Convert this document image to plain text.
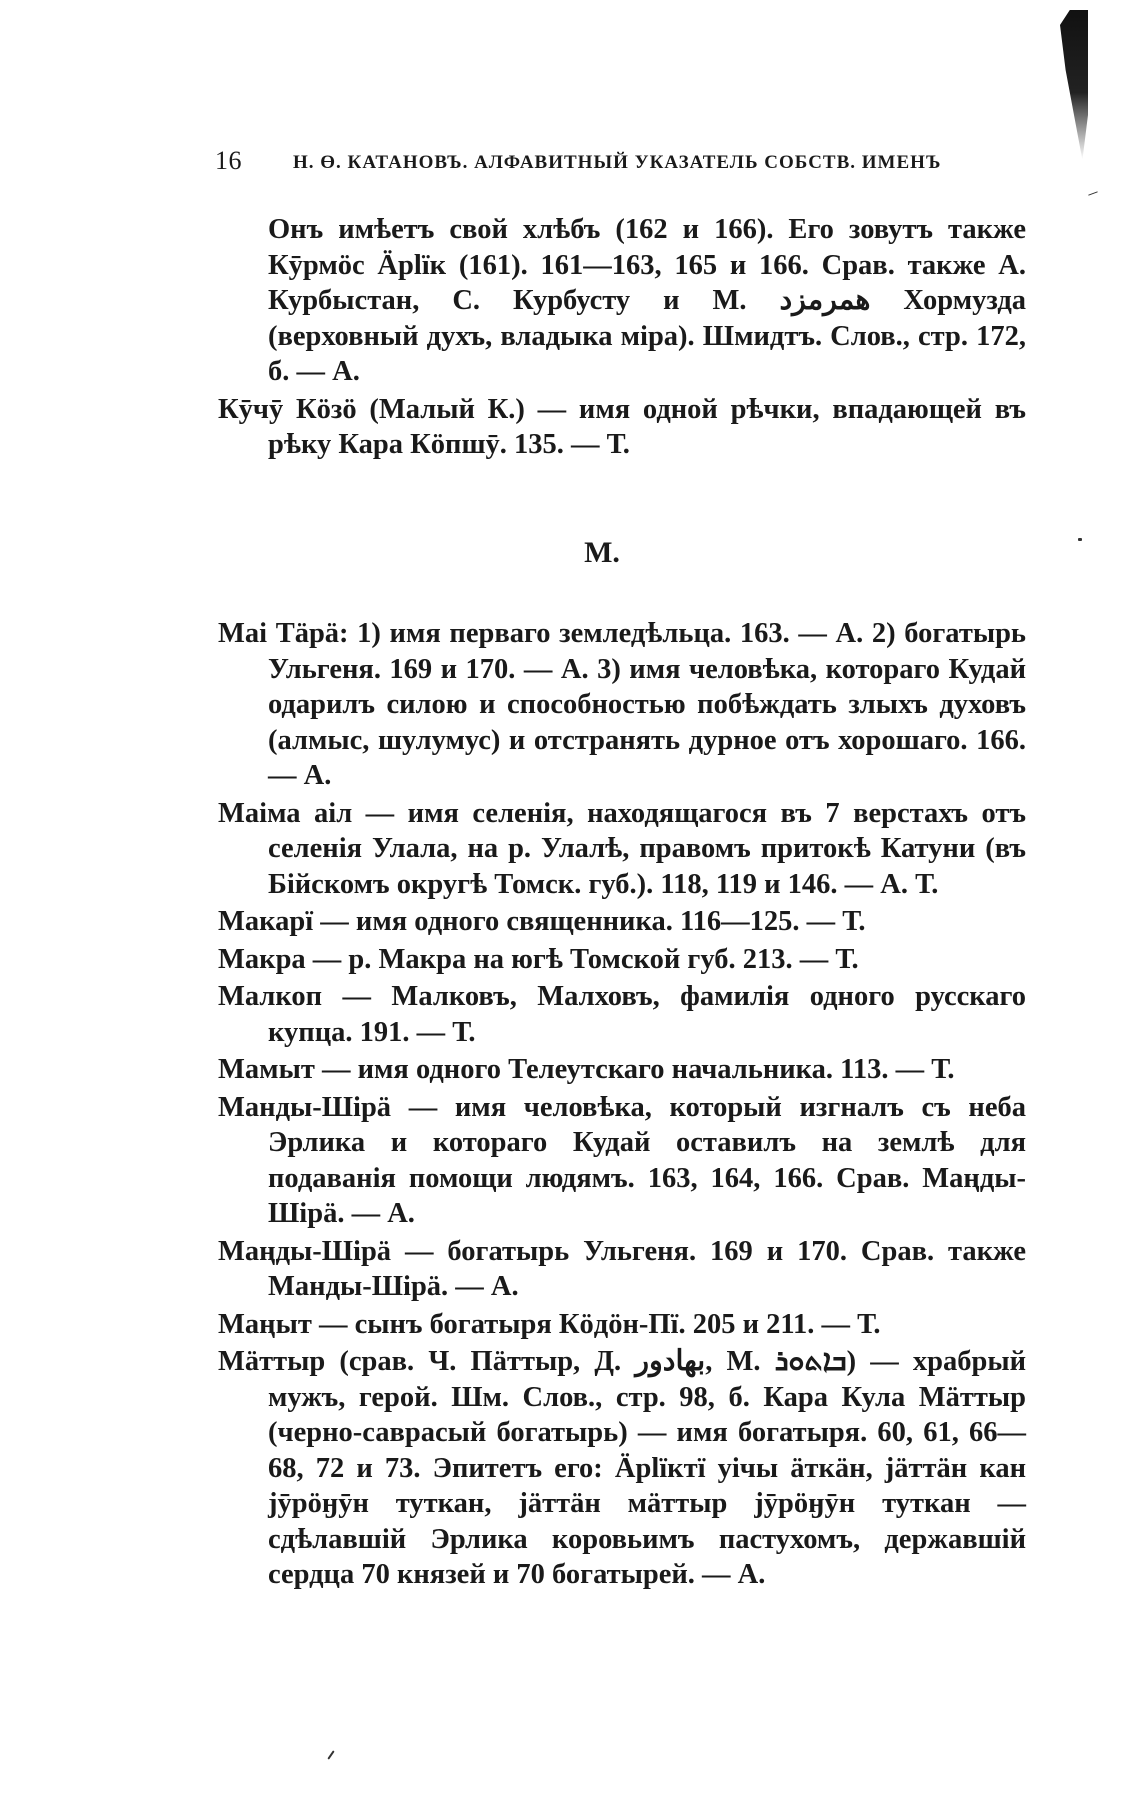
16	Н. Ө. КАТАНОВЪ. АЛФАВИТНЫЙ УКАЗАТЕЛЬ СОБСТВ. ИМЕНЪ

Онъ имѣетъ свой хлѣбъ (162 и 166). Его зовутъ также Кӯрмӧс Äрlïк (161). 161—163, 165 и 166. Срав. также А. Курбыстан, С. Курбусту и М. ھمرمزد Хормузда (верховный духъ, владыка міра). Шмидтъ. Слов., стр. 172, б. — А.

Кӯчӯ Кӧзӧ (Малый К.) — имя одной рѣчки, впадающей въ рѣку Кара Кӧпшӯ. 135. — Т.

М.

Маі Тäрä: 1) имя перваго земледѣльца. 163. — А. 2) богатырь Ульгеня. 169 и 170. — А. 3) имя человѣка, котораго Кудай одарилъ силою и способностью побѣждать злыхъ духовъ (алмыс, шулумус) и отстранять дурное отъ хорошаго. 166. — А.

Маіма аіл — имя селенія, находящагося въ 7 верстахъ отъ селенія Улала, на р. Улалѣ, правомъ притокѣ Катуни (въ Бійскомъ округѣ Томск. губ.). 118, 119 и 146. — А. Т.

Макарї — имя одного священника. 116—125. — Т.

Макра — р. Макра на югѣ Томской губ. 213. — Т.

Малкоп — Малковъ, Малховъ, фамилія одного русскаго купца. 191. — Т.

Мамыт — имя одного Телеутскаго начальника. 113. — Т.

Манды-Шірä — имя человѣка, который изгналъ съ неба Эрлика и котораго Кудай оставилъ на землѣ для подаванія помощи людямъ. 163, 164, 166. Срав. Маңды-Шірä. — А.

Маңды-Шірä — богатырь Ульгеня. 169 и 170. Срав. также Манды-Шірä. — А.

Маңыт — сынъ богатыря Кӧдӧн-Пї. 205 и 211. — Т.

Мäттыр (срав. Ч. Пäттыр, Д. بهادور, М. ܒܐܬܘܪ) — храбрый мужъ, герой. Шм. Слов., стр. 98, б. Кара Кула Мäттыр (черно-саврасый богатырь) — имя богатыря. 60, 61, 66—68, 72 и 73. Эпитетъ его: Äрlïктï уічы äткäн, јäттäн кан јӯрӧӈӯн туткан, јäттäн мäттыр јӯрӧӈӯн туткан — сдѣлавшій Эрлика коровьимъ пастухомъ, державшій сердца 70 князей и 70 богатырей. — А.
